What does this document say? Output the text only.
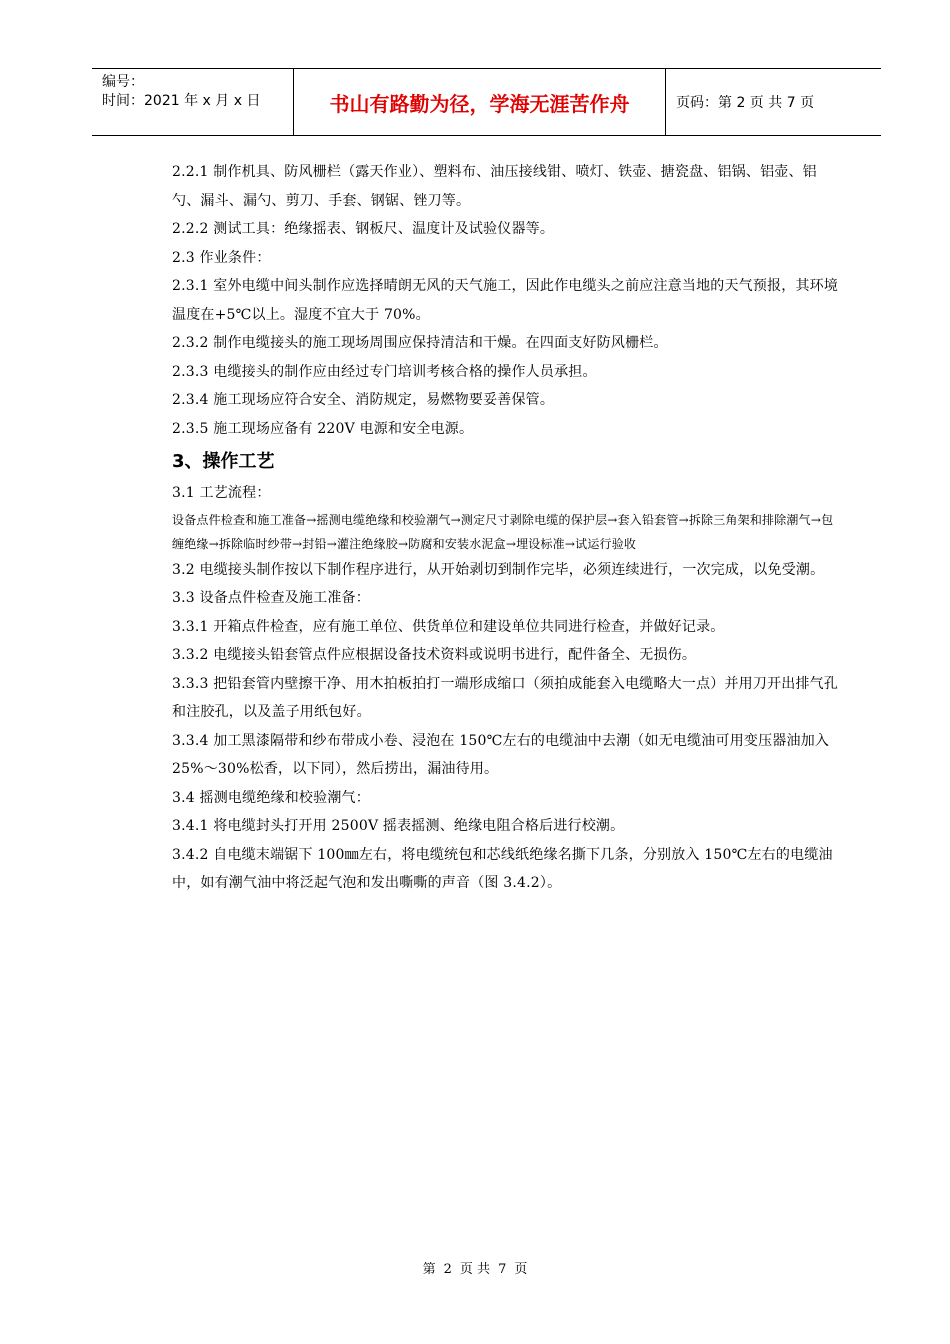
编号：
时间：2021 年 x 月 x 日	书山有路勤为径，学海无涯苦作舟	页码：第 2 页 共 7 页

2.2.1 制作机具、防风栅栏（露天作业）、塑料布、油压接线钳、喷灯、铁壶、搪瓷盘、铝锅、铝壶、铝勺、漏斗、漏勺、剪刀、手套、钢锯、锉刀等。

2.2.2 测试工具：绝缘摇表、钢板尺、温度计及试验仪器等。

2.3 作业条件：

2.3.1 室外电缆中间头制作应选择晴朗无风的天气施工，因此作电缆头之前应注意当地的天气预报，其环境温度在+5℃以上。湿度不宜大于 70%。

2.3.2 制作电缆接头的施工现场周围应保持清洁和干燥。在四面支好防风栅栏。

2.3.3 电缆接头的制作应由经过专门培训考核合格的操作人员承担。

2.3.4 施工现场应符合安全、消防规定，易燃物要妥善保管。

2.3.5 施工现场应备有 220V 电源和安全电源。

3、操作工艺

3.1 工艺流程：

设备点件检查和施工准备→摇测电缆绝缘和校验潮气→测定尺寸剥除电缆的保护层→套入铅套管→拆除三角架和排除潮气→包缠绝缘→拆除临时纱带→封铅→灌注绝缘胶→防腐和安装水泥盒→埋设标准→试运行验收

3.2 电缆接头制作按以下制作程序进行，从开始剥切到制作完毕，必须连续进行，一次完成，以免受潮。

3.3 设备点件检查及施工准备：

3.3.1 开箱点件检查，应有施工单位、供货单位和建设单位共同进行检查，并做好记录。

3.3.2 电缆接头铅套管点件应根据设备技术资料或说明书进行，配件备全、无损伤。

3.3.3 把铅套管内壁擦干净、用木拍板拍打一端形成缩口（须拍成能套入电缆略大一点）并用刀开出排气孔和注胶孔，以及盖子用纸包好。

3.3.4 加工黑漆隔带和纱布带成小卷、浸泡在 150℃左右的电缆油中去潮（如无电缆油可用变压器油加入 25%～30%松香，以下同），然后捞出，漏油待用。

3.4 摇测电缆绝缘和校验潮气：

3.4.1 将电缆封头打开用 2500V 摇表摇测、绝缘电阻合格后进行校潮。

3.4.2 自电缆末端锯下 100㎜左右，将电缆统包和芯线纸绝缘名撕下几条，分别放入 150℃左右的电缆油中，如有潮气油中将泛起气泡和发出嘶嘶的声音（图 3.4.2）。

第 2 页 共 7 页
